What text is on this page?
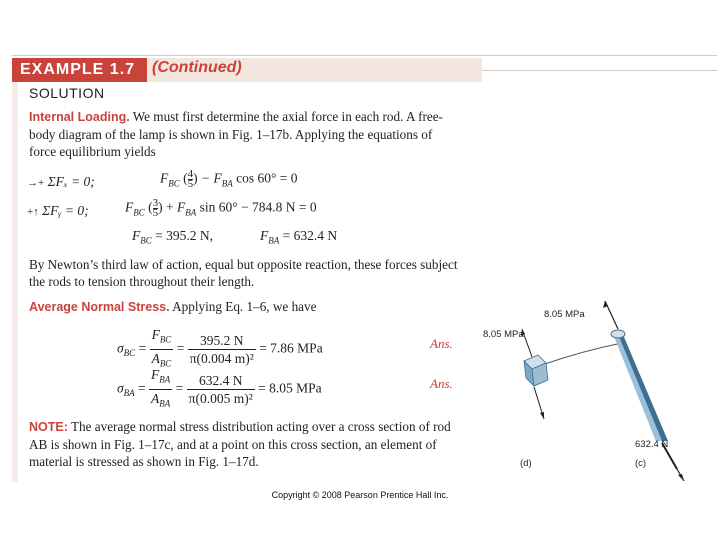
EXAMPLE 1.7 (Continued)
SOLUTION

Internal Loading. We must first determine the axial force in each rod. A free-body diagram of the lamp is shown in Fig. 1–17b. Applying the equations of force equilibrium yields

→+ ΣFₓ = 0;	$F_{BC}$ ( $\frac{4}{5}$ ) − $F_{BA}$ cos 60° = 0
+↑ ΣFᵧ = 0;	$F_{BC}$ ( $\frac{3}{5}$ ) + $F_{BA}$ sin 60° − 784.8 N = 0
$F_{BC} = 395.2$ N,	$F_{BA} = 632.4$ N

By Newton’s third law of action, equal but opposite reaction, these forces subject the rods to tension throughout their length.

Average Normal Stress. Applying Eq. 1–6, we have

$\sigma_{BC}$ =
$F_{BC}$
$A_{BC}$
= $\frac{395.2 N}{\text{π(0.004 m)²}} = 7.86$ MPa	Ans.
$\sigma_{BA}$ =
$F_{BA}$
$A_{BA}$
= $\frac{632.4 N}{\text{π(0.005 m)²}} = 8.05$ MPa	Ans.

NOTE: The average normal stress distribution acting over a cross section of rod AB is shown in Fig. 1–17c, and at a point on this cross section, an element of material is stressed as shown in Fig. 1–17d.

8.05 MPa
8.05 MPa
632.4 N
(d)	(c)
Copyright © 2008 Pearson Prentice Hall Inc.
